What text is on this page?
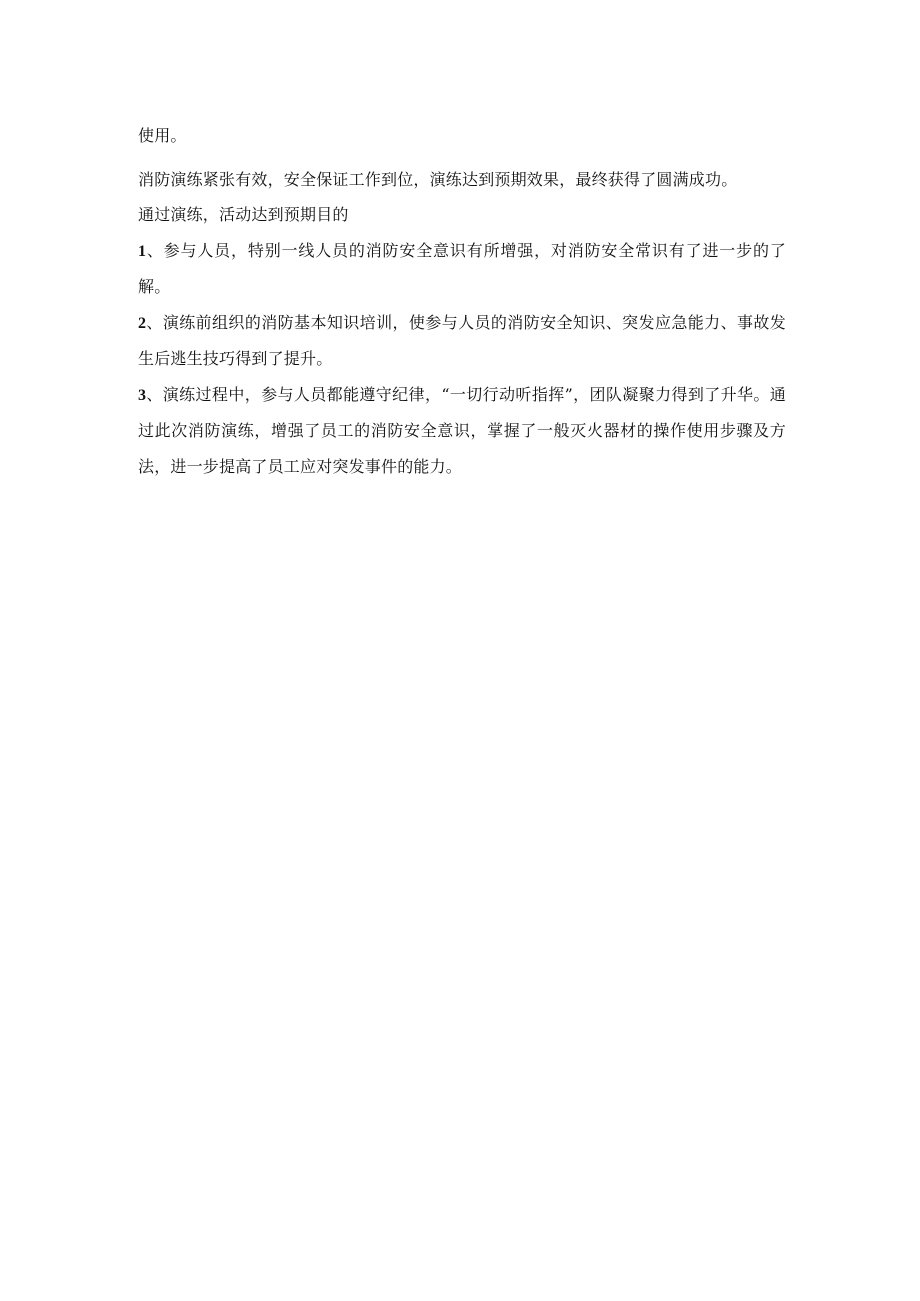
使用。

消防演练紧张有效，安全保证工作到位，演练达到预期效果，最终获得了圆满成功。

通过演练，活动达到预期目的

1、参与人员，特别一线人员的消防安全意识有所增强，对消防安全常识有了进一步的了解。

2、演练前组织的消防基本知识培训，使参与人员的消防安全知识、突发应急能力、事故发生后逃生技巧得到了提升。

3、演练过程中，参与人员都能遵守纪律，“一切行动听指挥”，团队凝聚力得到了升华。通过此次消防演练，增强了员工的消防安全意识，掌握了一般灭火器材的操作使用步骤及方法，进一步提高了员工应对突发事件的能力。
